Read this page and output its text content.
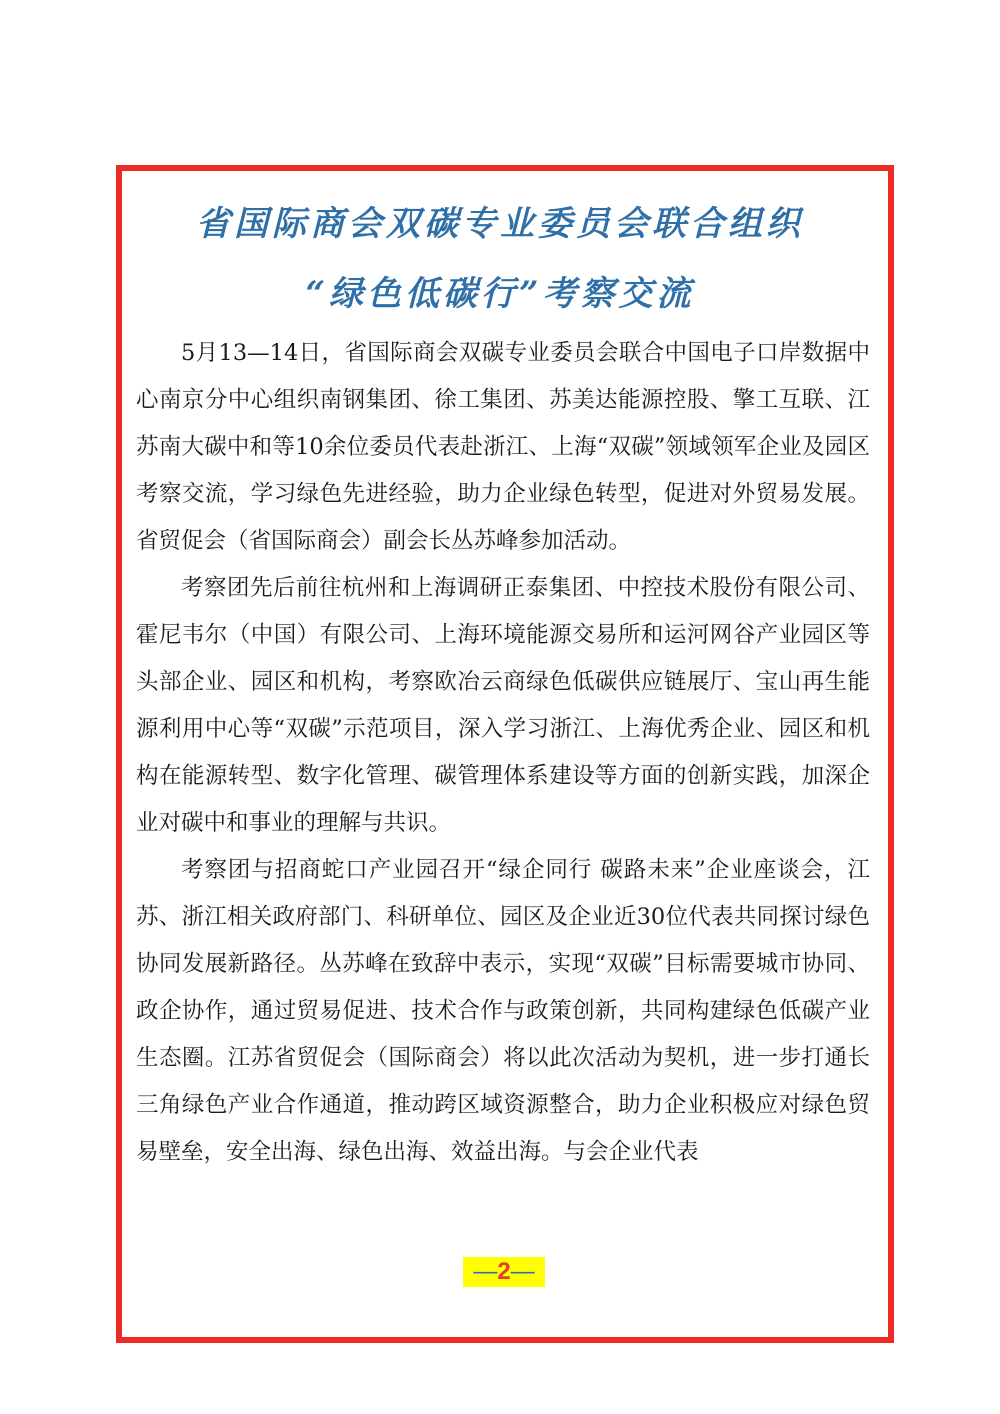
省国际商会双碳专业委员会联合组织
“绿色低碳行”考察交流

5月13—14日，省国际商会双碳专业委员会联合中国电子口岸数据中心南京分中心组织南钢集团、徐工集团、苏美达能源控股、擎工互联、江苏南大碳中和等10余位委员代表赴浙江、上海“双碳”领域领军企业及园区考察交流，学习绿色先进经验，助力企业绿色转型，促进对外贸易发展。省贸促会（省国际商会）副会长丛苏峰参加活动。

考察团先后前往杭州和上海调研正泰集团、中控技术股份有限公司、霍尼韦尔（中国）有限公司、上海环境能源交易所和运河网谷产业园区等头部企业、园区和机构，考察欧冶云商绿色低碳供应链展厅、宝山再生能源利用中心等“双碳”示范项目，深入学习浙江、上海优秀企业、园区和机构在能源转型、数字化管理、碳管理体系建设等方面的创新实践，加深企业对碳中和事业的理解与共识。

考察团与招商蛇口产业园召开“绿企同行 碳路未来”企业座谈会，江苏、浙江相关政府部门、科研单位、园区及企业近30位代表共同探讨绿色协同发展新路径。丛苏峰在致辞中表示，实现“双碳”目标需要城市协同、政企协作，通过贸易促进、技术合作与政策创新，共同构建绿色低碳产业生态圈。江苏省贸促会（国际商会）将以此次活动为契机，进一步打通长三角绿色产业合作通道，推动跨区域资源整合，助力企业积极应对绿色贸易壁垒，安全出海、绿色出海、效益出海。与会企业代表

—2—
